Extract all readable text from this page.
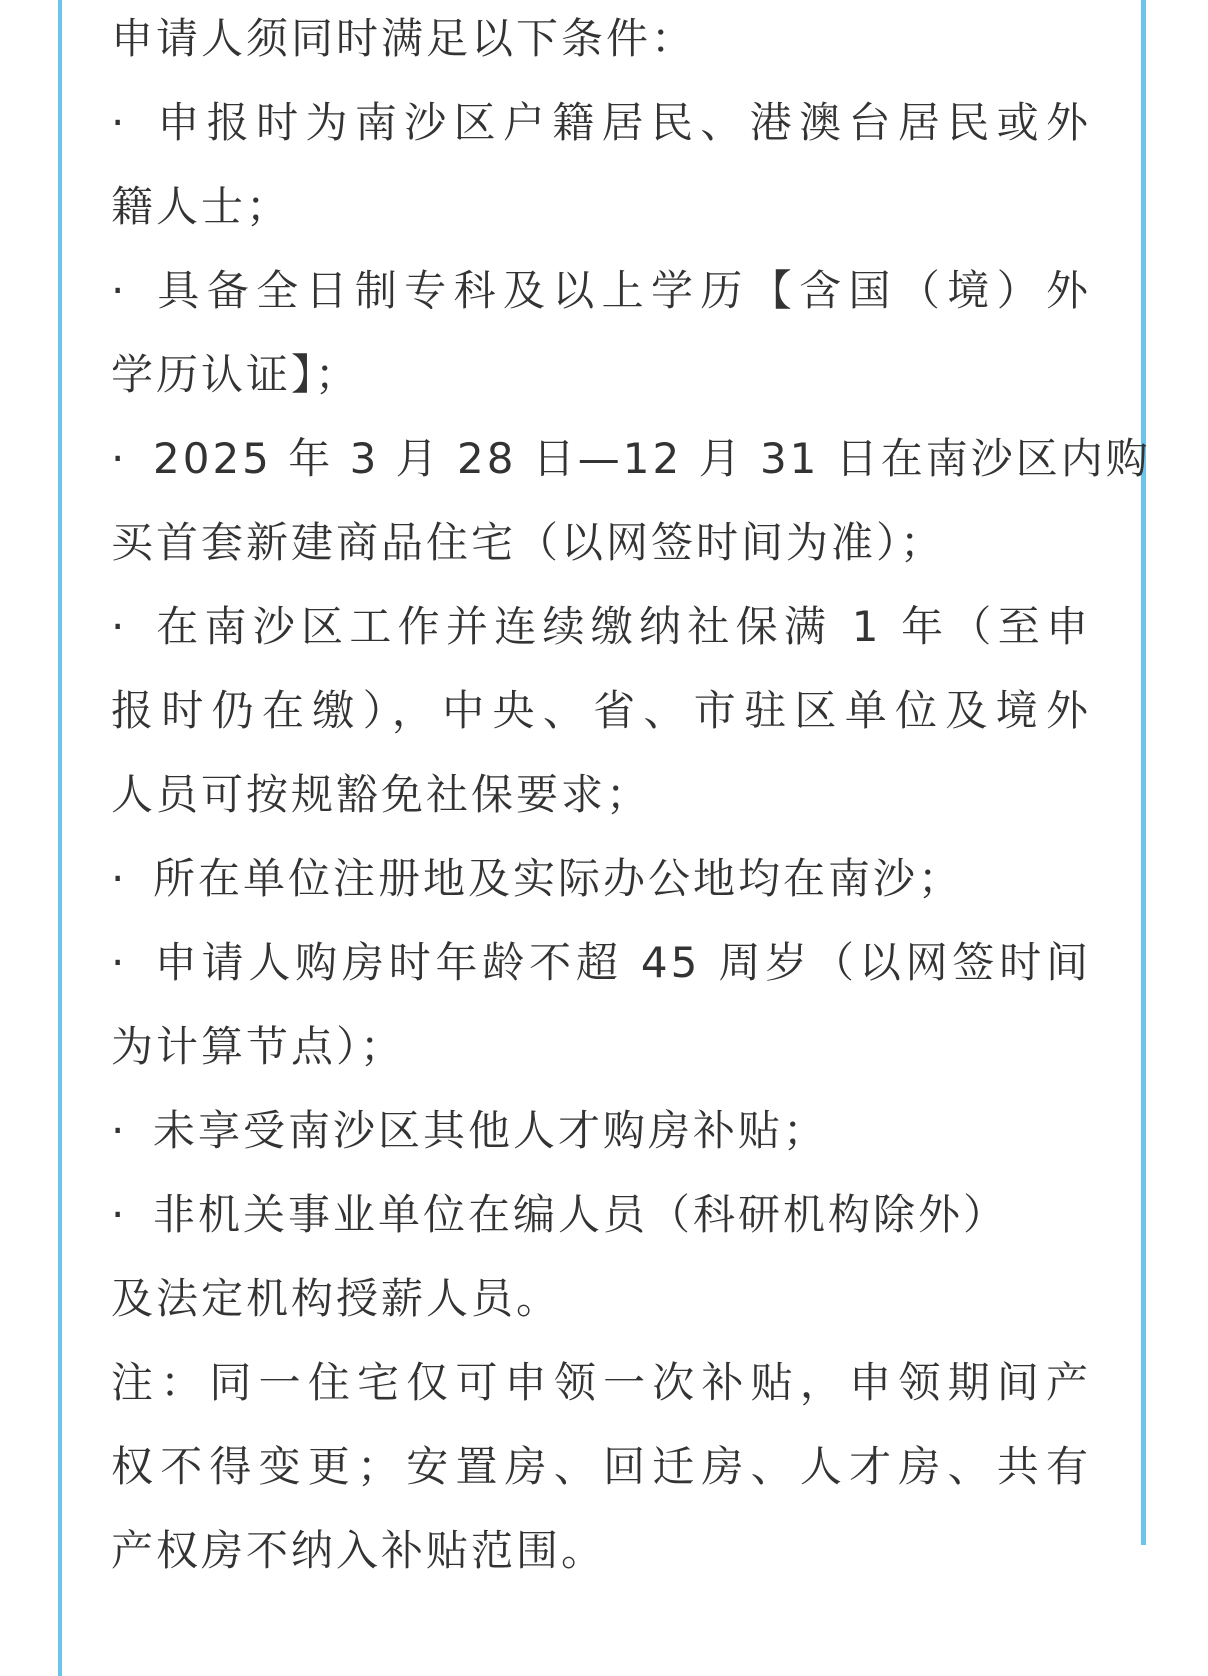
申请人须同时满足以下条件：
· 申报时为南沙区户籍居民、港澳台居民或外
籍人士；
· 具备全日制专科及以上学历【含国（境）外
学历认证】；
· 2025 年 3 月 28 日—12 月 31 日在南沙区内购
买首套新建商品住宅（以网签时间为准）；
· 在南沙区工作并连续缴纳社保满 1 年（至申
报时仍在缴），中央、省、市驻区单位及境外
人员可按规豁免社保要求；
· 所在单位注册地及实际办公地均在南沙；
· 申请人购房时年龄不超 45 周岁（以网签时间
为计算节点）；
· 未享受南沙区其他人才购房补贴；
· 非机关事业单位在编人员（科研机构除外）
及法定机构授薪人员。
注：同一住宅仅可申领一次补贴，申领期间产
权不得变更；安置房、回迁房、人才房、共有
产权房不纳入补贴范围。
